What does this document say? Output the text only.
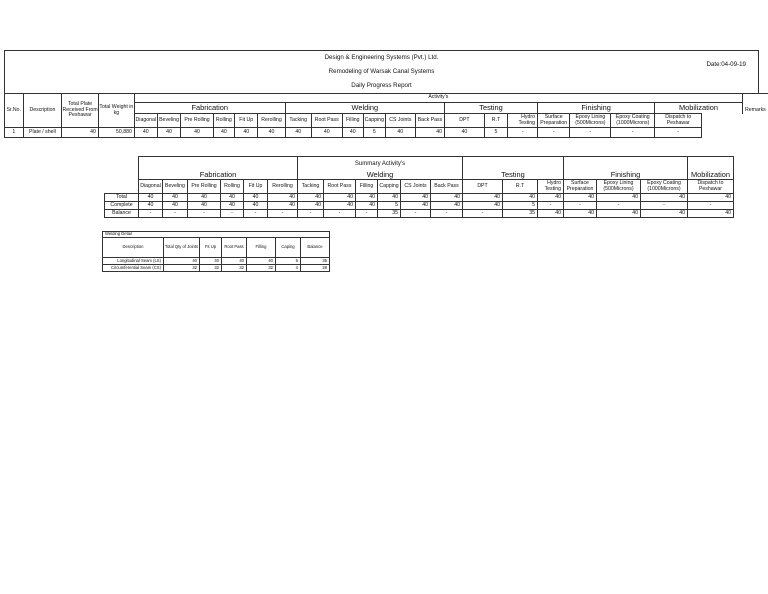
Design & Engineering Systems (Pvt.) Ltd.
Remodeling of Warsak Canal Systems
Date:04-09-19

Daily Progress Report
Sr.No.	Description	Total Plate Received From Peshawar	Total Weight in kg	Activity's																				Remarks
				Fabrication						Welding						Testing			Finishing			Mobilization		
				Diagonal	Beveling	Pre Rolling	Rolling	Fit Up	Rerolling	Tacking	Root Pass	Filling	Capping	CS Joints	Back Pass	DPT	R.T	Hydro Testing	Surface Preparation	Epoxy Lining (500Microns)	Epoxy Coating (1000Microns)	Dispatch to Peshawar		
1	Plate / shell	40	50,880	40	40	40	40	40	40	40	40	40	5	40	40	40	5	-	-	-	-	-		
							Summary Activity's												
	Fabrication						Welding						Testing			Finishing			Mobilization
	Diagonal	Beveling	Pre Rolling	Rolling	Fit Up	Rerolling	Tacking	Root Pass	Filling	Capping	CS Joints	Back Pass	DPT	R.T	Hydro Testing	Surface Preparation	Epoxy Lining (500Microns)	Epoxy Coating (1000Microns)	Dispatch to Peshawar
Total	40	40	40	40	40	40	40	40	40	40	40	40	40	40	40	40	40	40	40
Complete	40	40	40	40	40	40	40	40	40	5	40	40	40	5	-	-	-	-	-
Balance	-	-	-	-	-	-	-	-	-	35	-	-	-	35	40	40	40	40	40
Welding Detail						
Description	Total Qty of Joints	Fit Up	Root Pass	Filling	Caping	Balance
Longitudinal Seam (LS)	40	40	40	40	5	35
Circumferential Seam (CS)	32	32	32	32	4	28
